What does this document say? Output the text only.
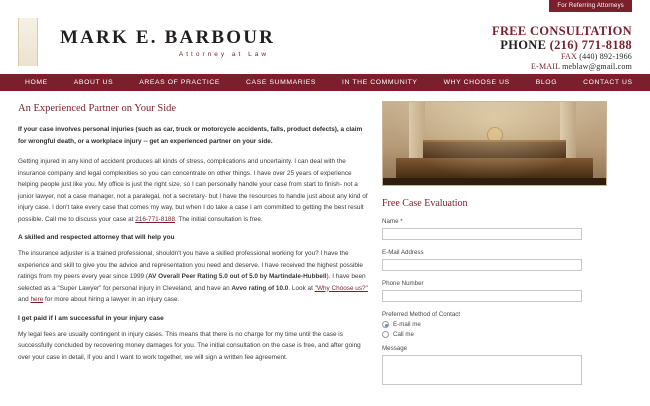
For Referring Attorneys
MARK E. BARBOUR
Attorney at Law
FREE CONSULTATION
PHONE (216) 771-8188
FAX (440) 892-1966
E-MAIL meblaw@gmail.com
HOME	ABOUT US	AREAS OF PRACTICE	CASE SUMMARIES	IN THE COMMUNITY	WHY CHOOSE US	BLOG	CONTACT US
An Experienced Partner on Your Side

If your case involves personal injuries (such as car, truck or motorcycle accidents, falls, product defects), a claim for wrongful death, or a workplace injury -- get an experienced partner on your side.

Getting injured in any kind of accident produces all kinds of stress, complications and uncertainty. I can deal with the insurance company and legal complexities so you can concentrate on other things. I have over 25 years of experience helping people just like you. My office is just the right size, so I can personally handle your case from start to finish- not a junior lawyer, not a case manager, not a paralegal, not a secretary- but I have the resources to handle just about any kind of injury case. I don't take every case that comes my way, but when I do take a case I am committed to getting the best result possible. Call me to discuss your case at 216-771-8188. The initial consultation is free.

A skilled and respected attorney that will help you

The insurance adjuster is a trained professional, shouldn't you have a skilled professional working for you? I have the experience and skill to give you the advice and representation you need and deserve. I have received the highest possible ratings from my peers every year since 1999 (AV Overall Peer Rating 5.0 out of 5.0 by Martindale-Hubbell). I have been selected as a "Super Lawyer" for personal injury in Cleveland, and have an Avvo rating of 10.0. Look at "Why Choose us?" and here for more about hiring a lawyer in an injury case.

I get paid if I am successful in your injury case

My legal fees are usually contingent in injury cases. This means that there is no charge for my time until the case is successfully concluded by recovering money damages for you. The initial consultation on the case is free, and after going over your case in detail, if you and I want to work together, we will sign a written fee agreement.

Free Case Evaluation
Name *
E-Mail Address
Phone Number
Preferred Method of Contact
E-mail me
Call me
Message
